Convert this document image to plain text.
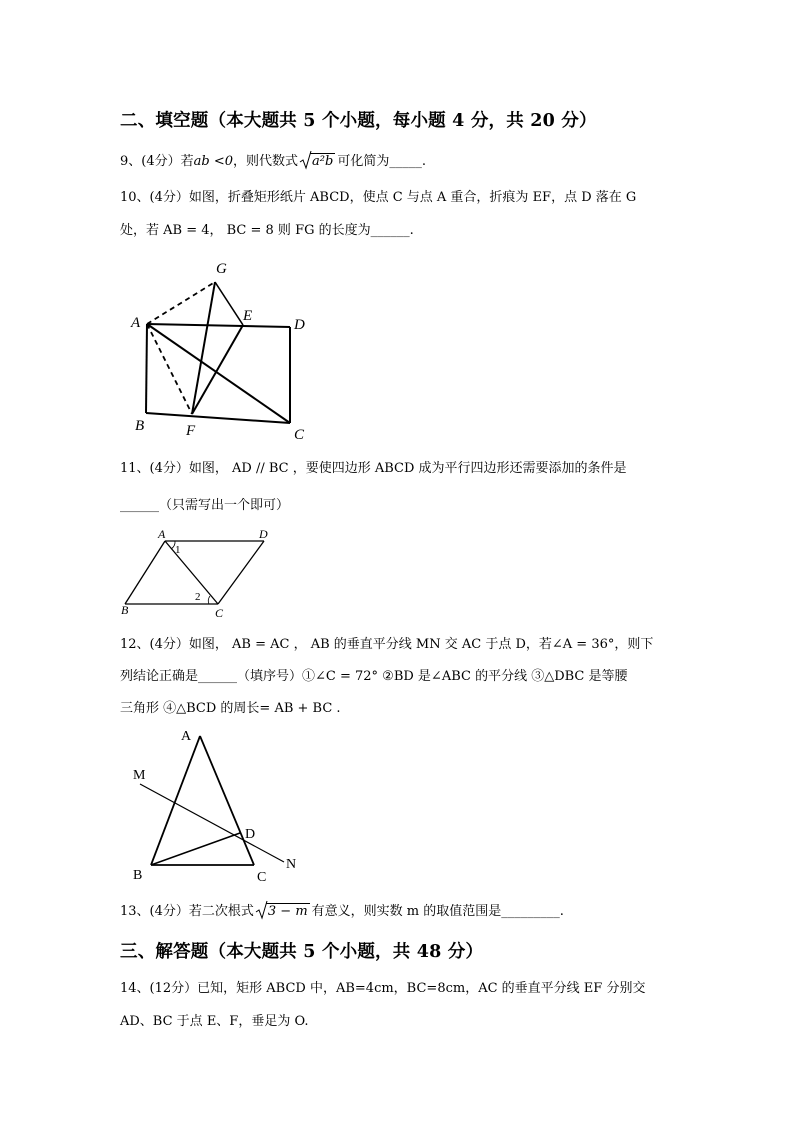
二、填空题（本大题共 5 个小题，每小题 4 分，共 20 分）
9、(4分）若ab <0，则代数式 a²b 可化简为_____.
10、(4分）如图，折叠矩形纸片 ABCD，使点 C 与点 A 重合，折痕为 EF，点 D 落在 G
处，若 AB = 4， BC = 8 则 FG 的长度为______.
G
A	E
D
B	F	C
11、(4分）如图， AD // BC ，要使四边形 ABCD 成为平行四边形还需要添加的条件是
______（只需写出一个即可）
A	D
B	C
1
2
12、(4分）如图， AB = AC ， AB 的垂直平分线 MN 交 AC 于点 D，若∠A = 36°，则下
列结论正确是______（填序号）①∠C = 72° ②BD 是∠ABC 的平分线 ③△DBC 是等腰
三角形 ④△BCD 的周长= AB + BC .
A
M
D
N
B	C
13、(4分）若二次根式 3 − m 有意义，则实数 m 的取值范围是_________.
三、解答题（本大题共 5 个小题，共 48 分）
14、(12分）已知，矩形 ABCD 中，AB=4cm，BC=8cm，AC 的垂直平分线 EF 分别交
AD、BC 于点 E、F，垂足为 O.
